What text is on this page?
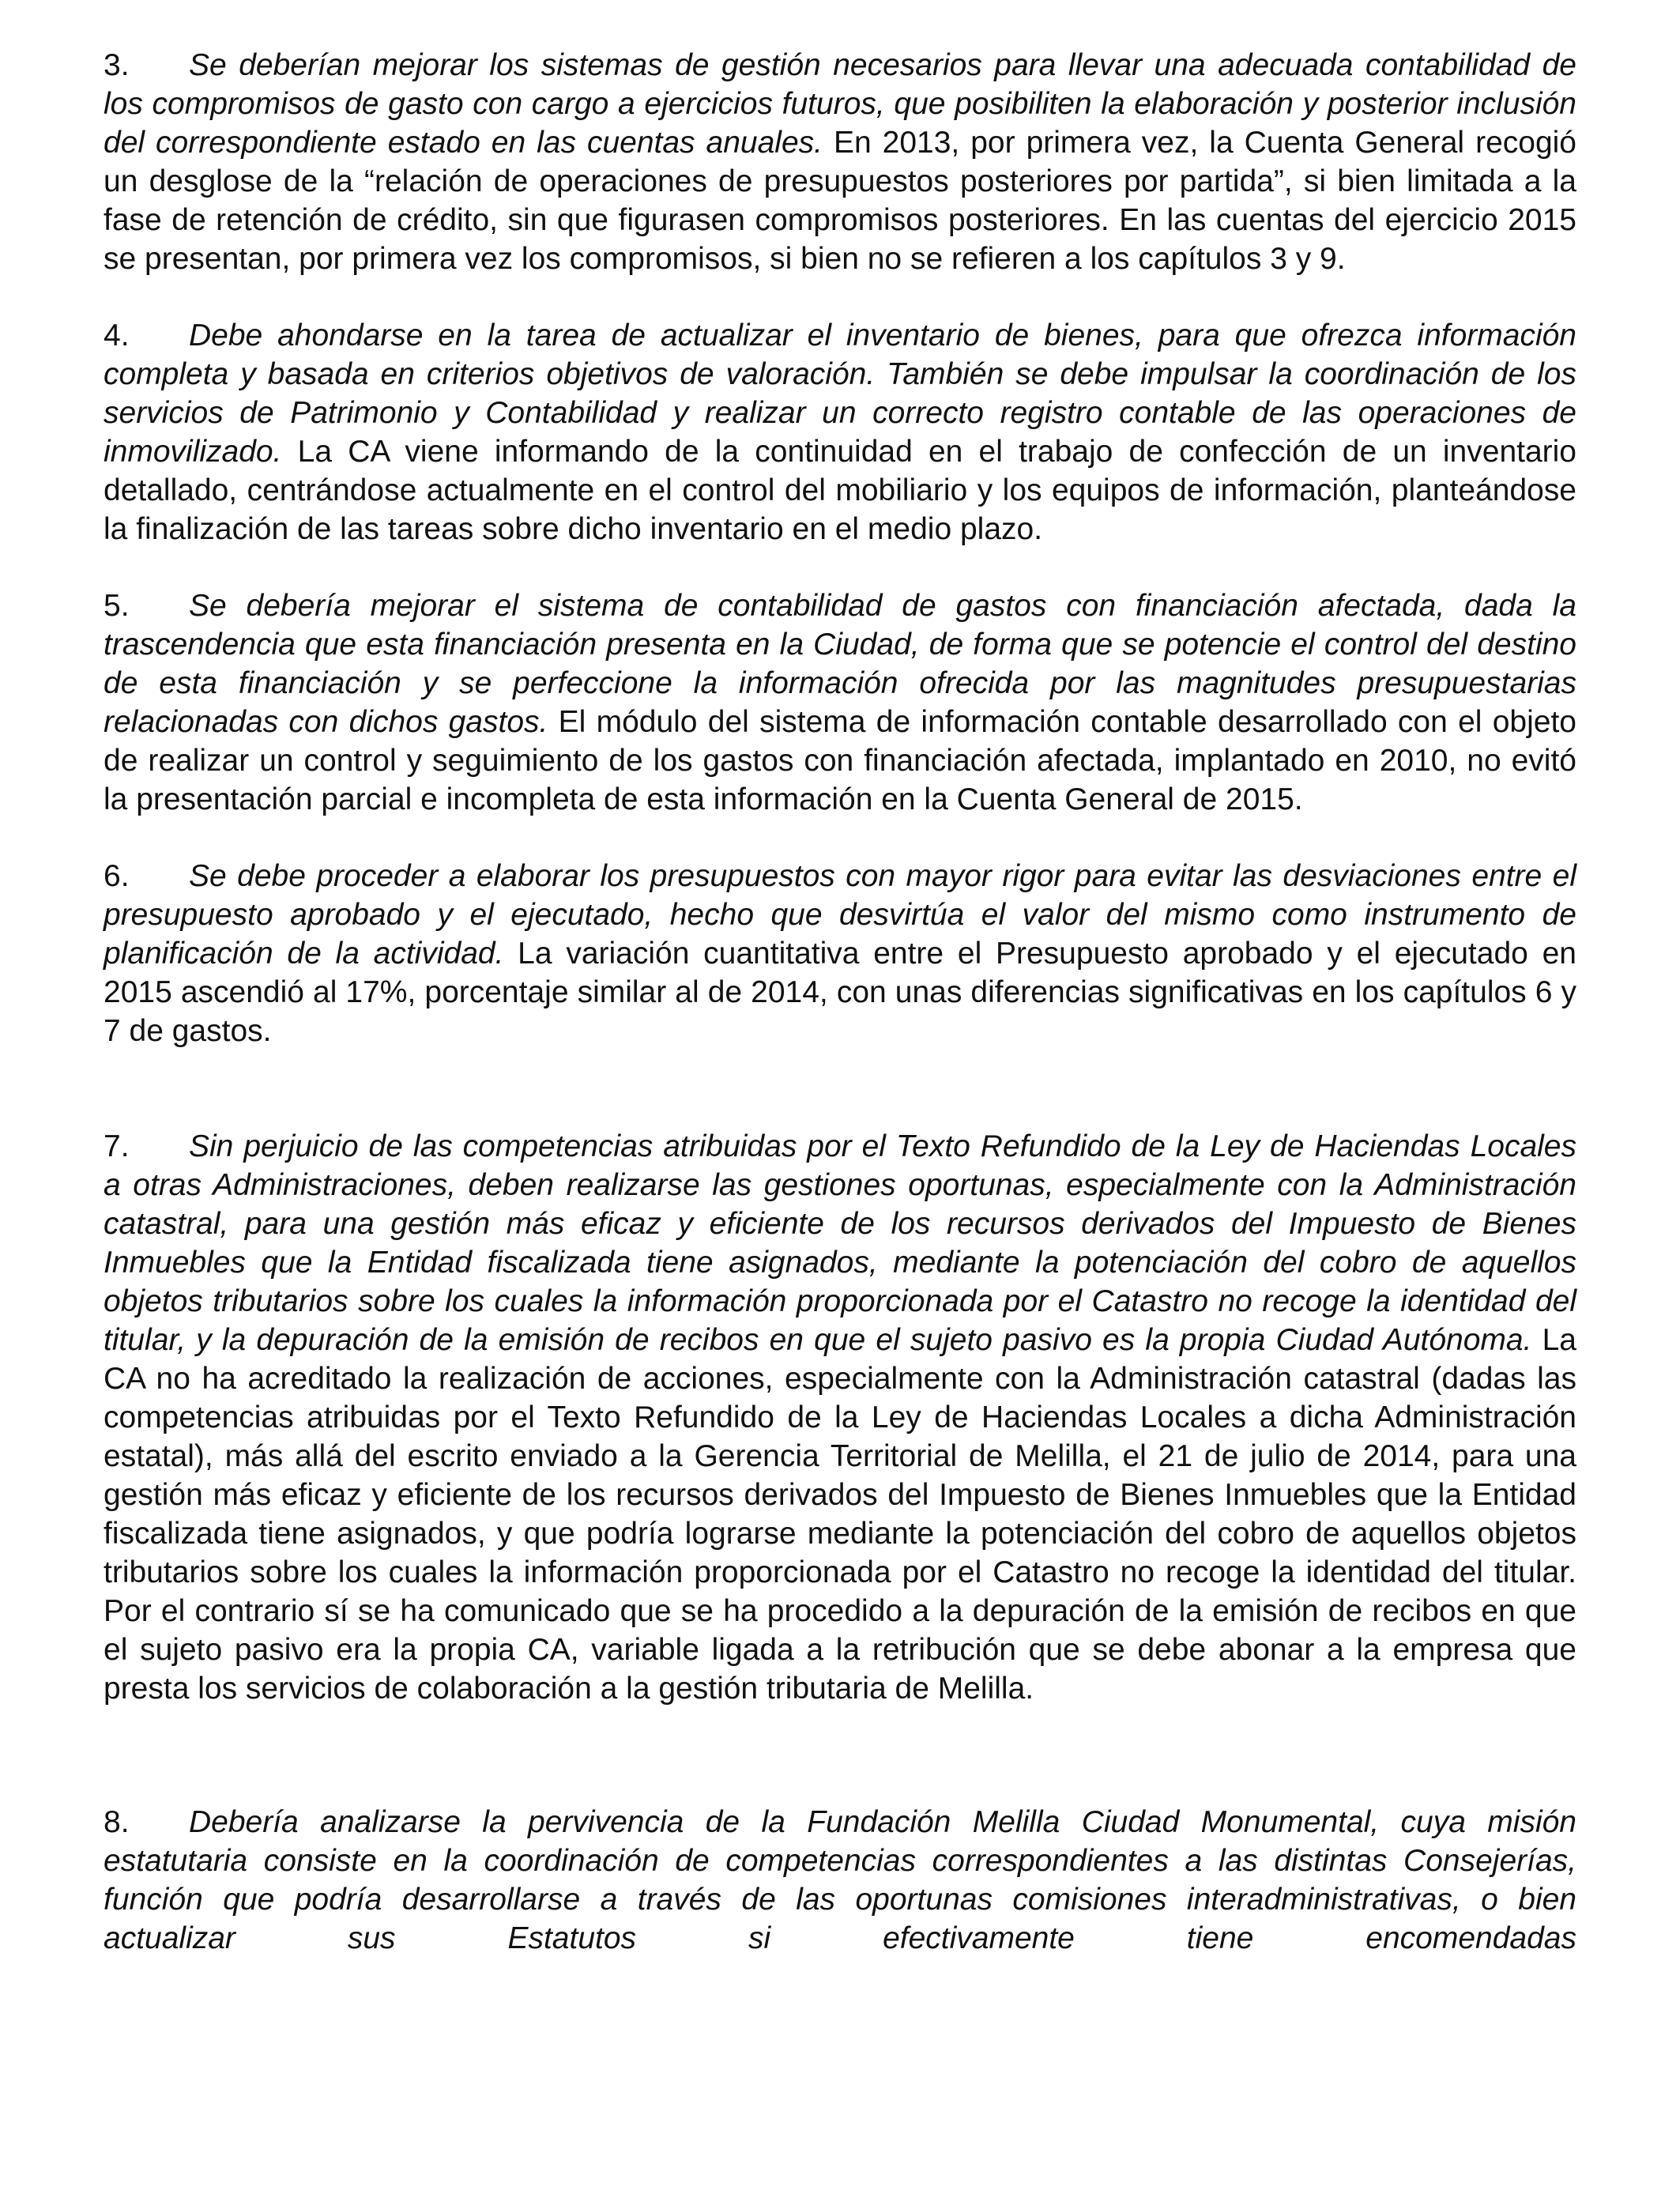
3. Se deberían mejorar los sistemas de gestión necesarios para llevar una adecuada contabilidad de los compromisos de gasto con cargo a ejercicios futuros, que posibiliten la elaboración y posterior inclusión del correspondiente estado en las cuentas anuales. En 2013, por primera vez, la Cuenta General recogió un desglose de la “relación de operaciones de presupuestos posteriores por partida”, si bien limitada a la fase de retención de crédito, sin que figurasen compromisos posteriores. En las cuentas del ejercicio 2015 se presentan, por primera vez los compromisos, si bien no se refieren a los capítulos 3 y 9.

4. Debe ahondarse en la tarea de actualizar el inventario de bienes, para que ofrezca información completa y basada en criterios objetivos de valoración. También se debe impulsar la coordinación de los servicios de Patrimonio y Contabilidad y realizar un correcto registro contable de las operaciones de inmovilizado. La CA viene informando de la continuidad en el trabajo de confección de un inventario detallado, centrándose actualmente en el control del mobiliario y los equipos de información, planteándose la finalización de las tareas sobre dicho inventario en el medio plazo.

5. Se debería mejorar el sistema de contabilidad de gastos con financiación afectada, dada la trascendencia que esta financiación presenta en la Ciudad, de forma que se potencie el control del destino de esta financiación y se perfeccione la información ofrecida por las magnitudes presupuestarias relacionadas con dichos gastos. El módulo del sistema de información contable desarrollado con el objeto de realizar un control y seguimiento de los gastos con financiación afectada, implantado en 2010, no evitó la presentación parcial e incompleta de esta información en la Cuenta General de 2015.

6. Se debe proceder a elaborar los presupuestos con mayor rigor para evitar las desviaciones entre el presupuesto aprobado y el ejecutado, hecho que desvirtúa el valor del mismo como instrumento de planificación de la actividad. La variación cuantitativa entre el Presupuesto aprobado y el ejecutado en 2015 ascendió al 17%, porcentaje similar al de 2014, con unas diferencias significativas en los capítulos 6 y 7 de gastos.

7. Sin perjuicio de las competencias atribuidas por el Texto Refundido de la Ley de Haciendas Locales a otras Administraciones, deben realizarse las gestiones oportunas, especialmente con la Administración catastral, para una gestión más eficaz y eficiente de los recursos derivados del Impuesto de Bienes Inmuebles que la Entidad fiscalizada tiene asignados, mediante la potenciación del cobro de aquellos objetos tributarios sobre los cuales la información proporcionada por el Catastro no recoge la identidad del titular, y la depuración de la emisión de recibos en que el sujeto pasivo es la propia Ciudad Autónoma. La CA no ha acreditado la realización de acciones, especialmente con la Administración catastral (dadas las competencias atribuidas por el Texto Refundido de la Ley de Haciendas Locales a dicha Administración estatal), más allá del escrito enviado a la Gerencia Territorial de Melilla, el 21 de julio de 2014, para una gestión más eficaz y eficiente de los recursos derivados del Impuesto de Bienes Inmuebles que la Entidad fiscalizada tiene asignados, y que podría lograrse mediante la potenciación del cobro de aquellos objetos tributarios sobre los cuales la información proporcionada por el Catastro no recoge la identidad del titular. Por el contrario sí se ha comunicado que se ha procedido a la depuración de la emisión de recibos en que el sujeto pasivo era la propia CA, variable ligada a la retribución que se debe abonar a la empresa que presta los servicios de colaboración a la gestión tributaria de Melilla.

8. Debería analizarse la pervivencia de la Fundación Melilla Ciudad Monumental, cuya misión estatutaria consiste en la coordinación de competencias correspondientes a las distintas Consejerías, función que podría desarrollarse a través de las oportunas comisiones interadministrativas, o bien actualizar sus Estatutos si efectivamente tiene encomendadas
